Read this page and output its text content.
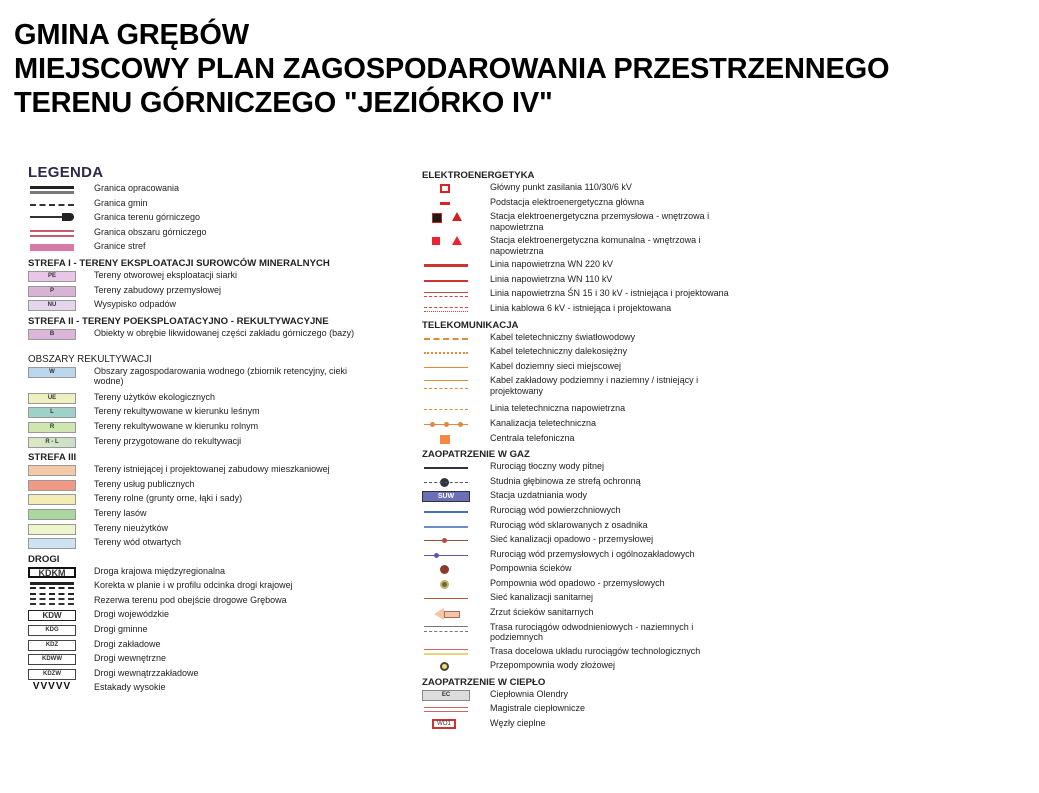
GMINA GRĘBÓW
MIEJSCOWY PLAN ZAGOSPODAROWANIA PRZESTRZENNEGO
TERENU GÓRNICZEGO "JEZIÓRKO IV"
LEGENDA
Granica opracowania
Granica gmin
Granica terenu górniczego
Granica obszaru górniczego
Granice stref
STREFA I - TERENY EKSPLOATACJI SUROWCÓW MINERALNYCH
PE	Tereny otworowej eksploatacji siarki
P	Tereny zabudowy przemysłowej
NU	Wysypisko odpadów
STREFA II - TERENY POEKSPLOATACYJNO - REKULTYWACYJNE
B	Obiekty w obrębie likwidowanej części zakładu górniczego (bazy)
OBSZARY REKULTYWACJI
W	Obszary zagospodarowania wodnego (zbiornik retencyjny, cieki wodne)
UE	Tereny użytków ekologicznych
L	Tereny rekultywowane w kierunku leśnym
R	Tereny rekultywowane w kierunku rolnym
R - L	Tereny przygotowane do rekultywacji
STREFA III
Tereny istniejącej i projektowanej zabudowy mieszkaniowej
Tereny usług publicznych
Tereny rolne (grunty orne, łąki i sady)
Tereny lasów
Tereny nieużytków
Tereny wód otwartych
DROGI
KDKM	Droga krajowa międzyregionalna
Korekta w planie i w profilu odcinka drogi krajowej
Rezerwa terenu pod obejście drogowe Grębowa
KDW	Drogi wojewódzkie
KDG	Drogi gminne
KDZ	Drogi zakładowe
KDWW	Drogi wewnętrzne
KDZW	Drogi wewnątrzzakładowe
VVVVV	Estakady wysokie
ELEKTROENERGETYKA
Główny punkt zasilania 110/30/6 kV
Podstacja elektroenergetyczna główna
Stacja elektroenergetyczna przemysłowa - wnętrzowa i napowietrzna
Stacja elektroenergetyczna komunalna - wnętrzowa i napowietrzna
Linia napowietrzna WN 220 kV
Linia napowietrzna WN 110 kV
Linia napowietrzna ŚN 15 i 30 kV - istniejąca i projektowana
Linia kablowa 6 kV - istniejąca i projektowana
TELEKOMUNIKACJA
Kabel teletechniczny światłowodowy
Kabel teletechniczny dalekosiężny
Kabel doziemny sieci miejscowej
Kabel zakładowy podziemny i naziemny / istniejący i projektowany
Linia teletechniczna napowietrzna
Kanalizacja teletechniczna
Centrala telefoniczna
ZAOPATRZENIE W GAZ
Rurociąg tłoczny wody pitnej
Studnia głębinowa ze strefą ochronną
SUW	Stacja uzdatniania wody
Rurociąg wód powierzchniowych
Rurociąg wód sklarowanych z osadnika
Sieć kanalizacji opadowo - przemysłowej
Rurociąg wód przemysłowych i ogólnozakładowych
Pompownia ścieków
Pompownia wód opadowo - przemysłowych
Sieć kanalizacji sanitarnej
Zrzut ścieków sanitarnych
Trasa rurociągów odwodnieniowych - naziemnych i podziemnych
Trasa docelowa układu rurociągów technologicznych
Przepompownia wody złożowej
ZAOPATRZENIE W CIEPŁO
EC	Ciepłownia Olendry
Magistrale ciepłownicze
WO1	Węzły cieplne
